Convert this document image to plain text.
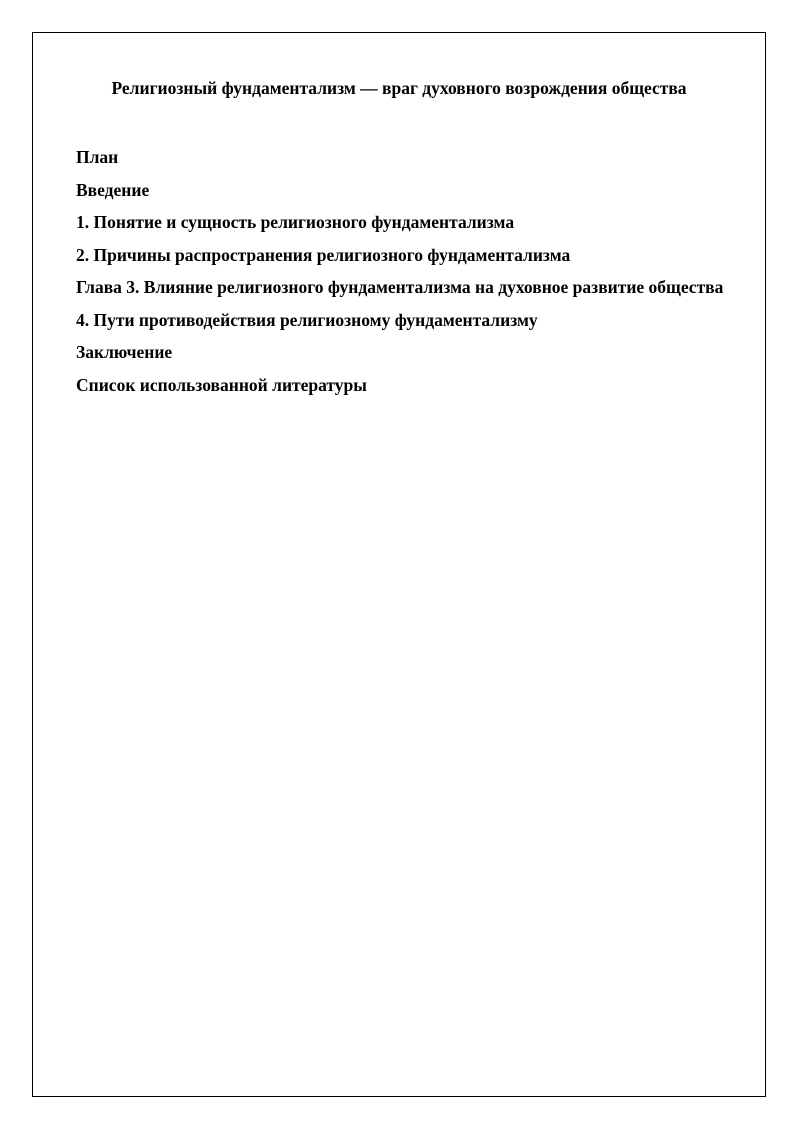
Религиозный фундаментализм — враг духовного возрождения общества
План
Введение
1. Понятие и сущность религиозного фундаментализма
2. Причины распространения религиозного фундаментализма
Глава 3. Влияние религиозного фундаментализма на духовное развитие общества
4. Пути противодействия религиозному фундаментализму
Заключение
Список использованной литературы
